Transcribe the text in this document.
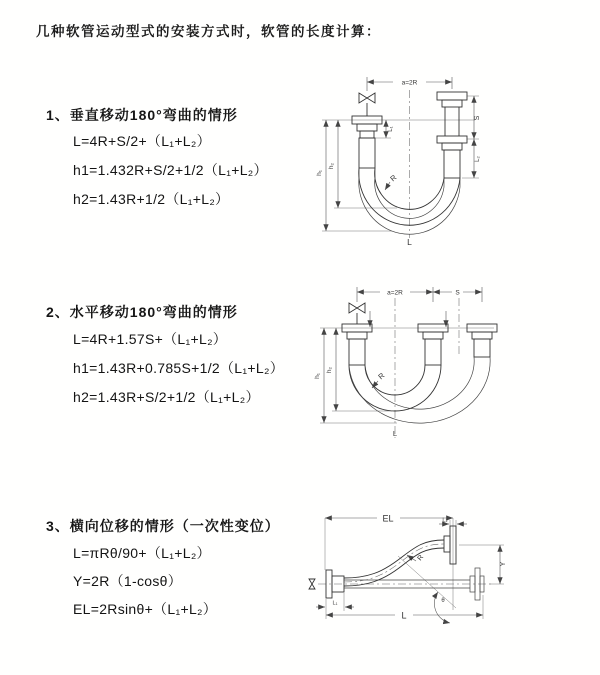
几种软管运动型式的安装方式时，软管的长度计算：
1、垂直移动180°弯曲的情形
L=4R+S/2+（L₁+L₂）
h1=1.432R+S/2+1/2（L₁+L₂）
h2=1.43R+1/2（L₁+L₂）
2、水平移动180°弯曲的情形
L=4R+1.57S+（L₁+L₂）
h1=1.43R+0.785S+1/2（L₁+L₂）
h2=1.43R+S/2+1/2（L₁+L₂）
3、横向位移的情形（一次性变位）
L=πRθ/90+（L₁+L₂）
Y=2R（1-cosθ）
EL=2Rsinθ+（L₁+L₂）
a=2R
L₁
S
L₂
h₁
h₂
R
L
a=2R	S
h₁
h₂
R
L
EL	L₂
Y
R
θ
L
L₁
